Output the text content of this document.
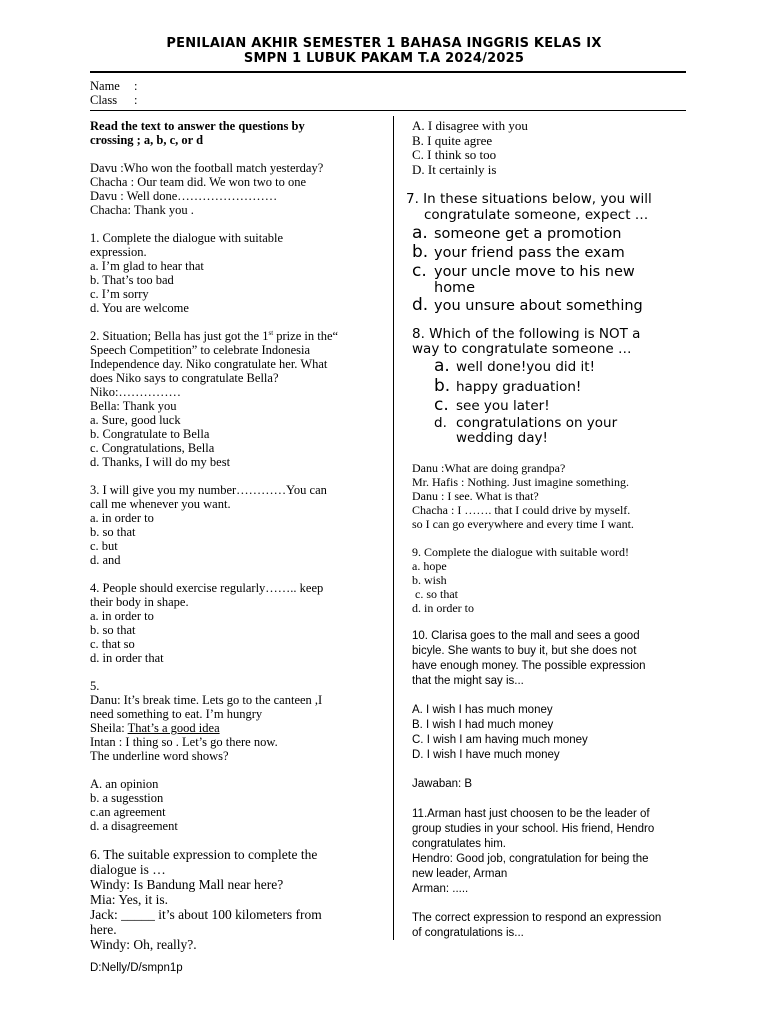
PENILAIAN AKHIR SEMESTER 1 BAHASA INGGRIS KELAS IX
SMPN 1 LUBUK PAKAM T.A 2024/2025
Name :
Class :
Read the text to answer the questions by
crossing ; a, b, c, or d
Davu :Who won the football match yesterday?
Chacha : Our team did. We won two to one
Davu : Well done……………………
Chacha: Thank you .
1. Complete the dialogue with suitable
expression.
a. I’m glad to hear that
b. That’s too bad
c. I’m sorry
d. You are welcome
2. Situation; Bella has just got the 1st prize in the“
Speech Competition” to celebrate Indonesia
Independence day. Niko congratulate her. What
does Niko says to congratulate Bella?
Niko:……………
Bella: Thank you
a. Sure, good luck
b. Congratulate to Bella
c. Congratulations, Bella
d. Thanks, I will do my best
3. I will give you my number…………You can
call me whenever you want.
a. in order to
b. so that
c. but
d. and
4. People should exercise regularly…….. keep
their body in shape.
a. in order to
b. so that
c. that so
d. in order that
5.
Danu: It’s break time. Lets go to the canteen ,I
need something to eat. I’m hungry
Sheila: That’s a good idea
Intan : I thing so . Let’s go there now.
The underline word shows?
A. an opinion
b. a sugesstion
c.an agreement
d. a disagreement
6. The suitable expression to complete the
dialogue is …
Windy: Is Bandung Mall near here?
Mia: Yes, it is.
Jack: _____ it’s about 100 kilometers from
here.
Windy: Oh, really?.
A. I disagree with you
B. I quite agree
C. I think so too
D. It certainly is
7. In these situations below, you will
congratulate someone, expect …
a. someone get a promotion
b. your friend pass the exam
c. your uncle move to his new
home
d. you unsure about something
8. Which of the following is NOT a
way to congratulate someone …
a. well done!you did it!
b. happy graduation!
c. see you later!
d. congratulations on your
wedding day!
Danu :What are doing grandpa?
Mr. Hafis : Nothing. Just imagine something.
Danu : I see. What is that?
Chacha : I ……. that I could drive by myself.
so I can go everywhere and every time I want.
9. Complete the dialogue with suitable word!
a. hope
b. wish
c. so that
d. in order to
10. Clarisa goes to the mall and sees a good
bicyle. She wants to buy it, but she does not
have enough money. The possible expression
that the might say is...
A. I wish I has much money
B. I wish I had much money
C. I wish I am having much money
D. I wish I have much money
Jawaban: B
11.Arman hast just choosen to be the leader of
group studies in your school. His friend, Hendro
congratulates him.
Hendro: Good job, congratulation for being the
new leader, Arman
Arman: .....
The correct expression to respond an expression
of congratulations is...
D:Nelly/D/smpn1p
